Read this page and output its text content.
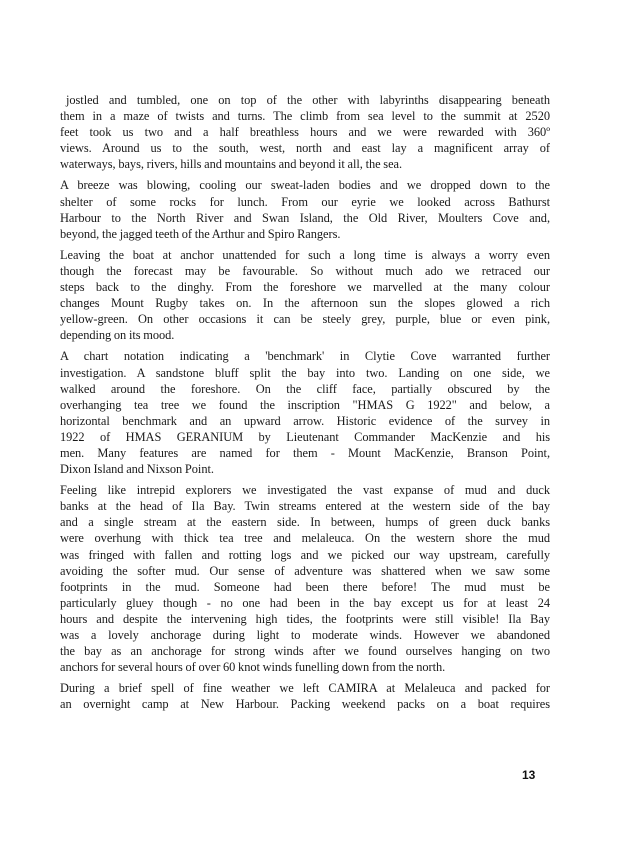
jostled and tumbled, one on top of the other with labyrinths disappearing beneath
them in a maze of twists and turns. The climb from sea level to the summit at 2520
feet took us two and a half breathless hours and we were rewarded with 360º
views. Around us to the south, west, north and east lay a magnificent array of
waterways, bays, rivers, hills and mountains and beyond it all, the sea.

A breeze was blowing, cooling our sweat-laden bodies and we dropped down to the
shelter of some rocks for lunch. From our eyrie we looked across Bathurst
Harbour to the North River and Swan Island, the Old River, Moulters Cove and,
beyond, the jagged teeth of the Arthur and Spiro Rangers.

Leaving the boat at anchor unattended for such a long time is always a worry even
though the forecast may be favourable. So without much ado we retraced our
steps back to the dinghy. From the foreshore we marvelled at the many colour
changes Mount Rugby takes on. In the afternoon sun the slopes glowed a rich
yellow-green. On other occasions it can be steely grey, purple, blue or even pink,
depending on its mood.

A chart notation indicating a 'benchmark' in Clytie Cove warranted further
investigation. A sandstone bluff split the bay into two. Landing on one side, we
walked around the foreshore. On the cliff face, partially obscured by the
overhanging tea tree we found the inscription "HMAS G 1922" and below, a
horizontal benchmark and an upward arrow. Historic evidence of the survey in
1922 of HMAS GERANIUM by Lieutenant Commander MacKenzie and his
men. Many features are named for them - Mount MacKenzie, Branson Point,
Dixon Island and Nixson Point.

Feeling like intrepid explorers we investigated the vast expanse of mud and duck
banks at the head of Ila Bay. Twin streams entered at the western side of the bay
and a single stream at the eastern side. In between, humps of green duck banks
were overhung with thick tea tree and melaleuca. On the western shore the mud
was fringed with fallen and rotting logs and we picked our way upstream, carefully
avoiding the softer mud. Our sense of adventure was shattered when we saw some
footprints in the mud. Someone had been there before! The mud must be
particularly gluey though - no one had been in the bay except us for at least 24
hours and despite the intervening high tides, the footprints were still visible! Ila Bay
was a lovely anchorage during light to moderate winds. However we abandoned
the bay as an anchorage for strong winds after we found ourselves hanging on two
anchors for several hours of over 60 knot winds funelling down from the north.

During a brief spell of fine weather we left CAMIRA at Melaleuca and packed for
an overnight camp at New Harbour. Packing weekend packs on a boat requires

13
